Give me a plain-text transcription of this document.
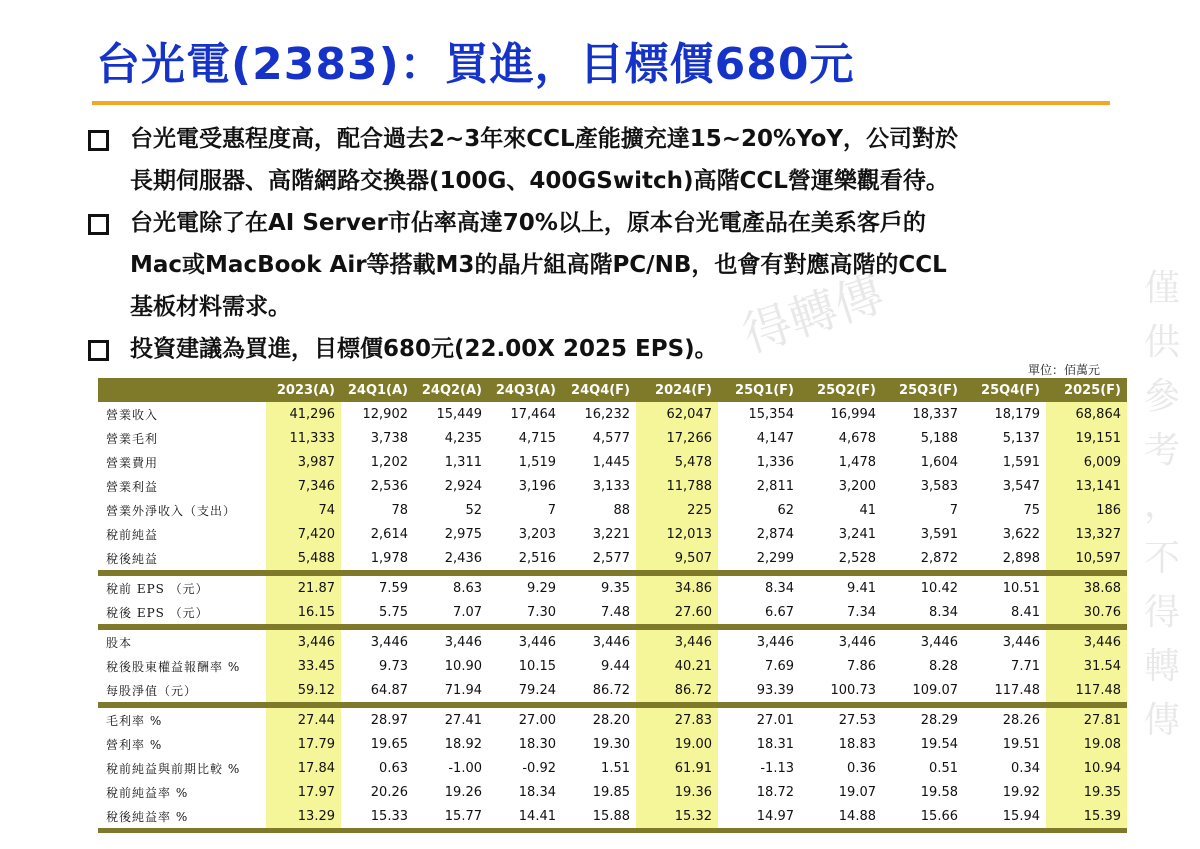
台光電(2383)：買進，目標價680元
得轉傳	僅
供
參
考
，
不
得
轉
傳
台光電受惠程度高，配合過去2~3年來CCL產能擴充達15~20%YoY，公司對於
長期伺服器、高階網路交換器(100G、400GSwitch)高階CCL營運樂觀看待。
台光電除了在AI Server市佔率高達70%以上，原本台光電產品在美系客戶的
Mac或MacBook Air等搭載M3的晶片組高階PC/NB，也會有對應高階的CCL
基板材料需求。
投資建議為買進，目標價680元(22.00X 2025 EPS)。
單位：佰萬元
	2023(A)	24Q1(A)	24Q2(A)	24Q3(A)	24Q4(F)	2024(F)	25Q1(F)	25Q2(F)	25Q3(F)	25Q4(F)	2025(F)
營業收入	41,296	12,902	15,449	17,464	16,232	62,047	15,354	16,994	18,337	18,179	68,864
營業毛利	11,333	3,738	4,235	4,715	4,577	17,266	4,147	4,678	5,188	5,137	19,151
營業費用	3,987	1,202	1,311	1,519	1,445	5,478	1,336	1,478	1,604	1,591	6,009
營業利益	7,346	2,536	2,924	3,196	3,133	11,788	2,811	3,200	3,583	3,547	13,141
營業外淨收入（支出）	74	78	52	7	88	225	62	41	7	75	186
稅前純益	7,420	2,614	2,975	3,203	3,221	12,013	2,874	3,241	3,591	3,622	13,327
稅後純益	5,488	1,978	2,436	2,516	2,577	9,507	2,299	2,528	2,872	2,898	10,597

稅前 EPS （元）	21.87	7.59	8.63	9.29	9.35	34.86	8.34	9.41	10.42	10.51	38.68
稅後 EPS （元）	16.15	5.75	7.07	7.30	7.48	27.60	6.67	7.34	8.34	8.41	30.76

股本	3,446	3,446	3,446	3,446	3,446	3,446	3,446	3,446	3,446	3,446	3,446
稅後股東權益報酬率 %	33.45	9.73	10.90	10.15	9.44	40.21	7.69	7.86	8.28	7.71	31.54
每股淨值（元）	59.12	64.87	71.94	79.24	86.72	86.72	93.39	100.73	109.07	117.48	117.48

毛利率 %	27.44	28.97	27.41	27.00	28.20	27.83	27.01	27.53	28.29	28.26	27.81
營利率 %	17.79	19.65	18.92	18.30	19.30	19.00	18.31	18.83	19.54	19.51	19.08
稅前純益與前期比較 %	17.84	0.63	-1.00	-0.92	1.51	61.91	-1.13	0.36	0.51	0.34	10.94
稅前純益率 %	17.97	20.26	19.26	18.34	19.85	19.36	18.72	19.07	19.58	19.92	19.35
稅後純益率 %	13.29	15.33	15.77	14.41	15.88	15.32	14.97	14.88	15.66	15.94	15.39
